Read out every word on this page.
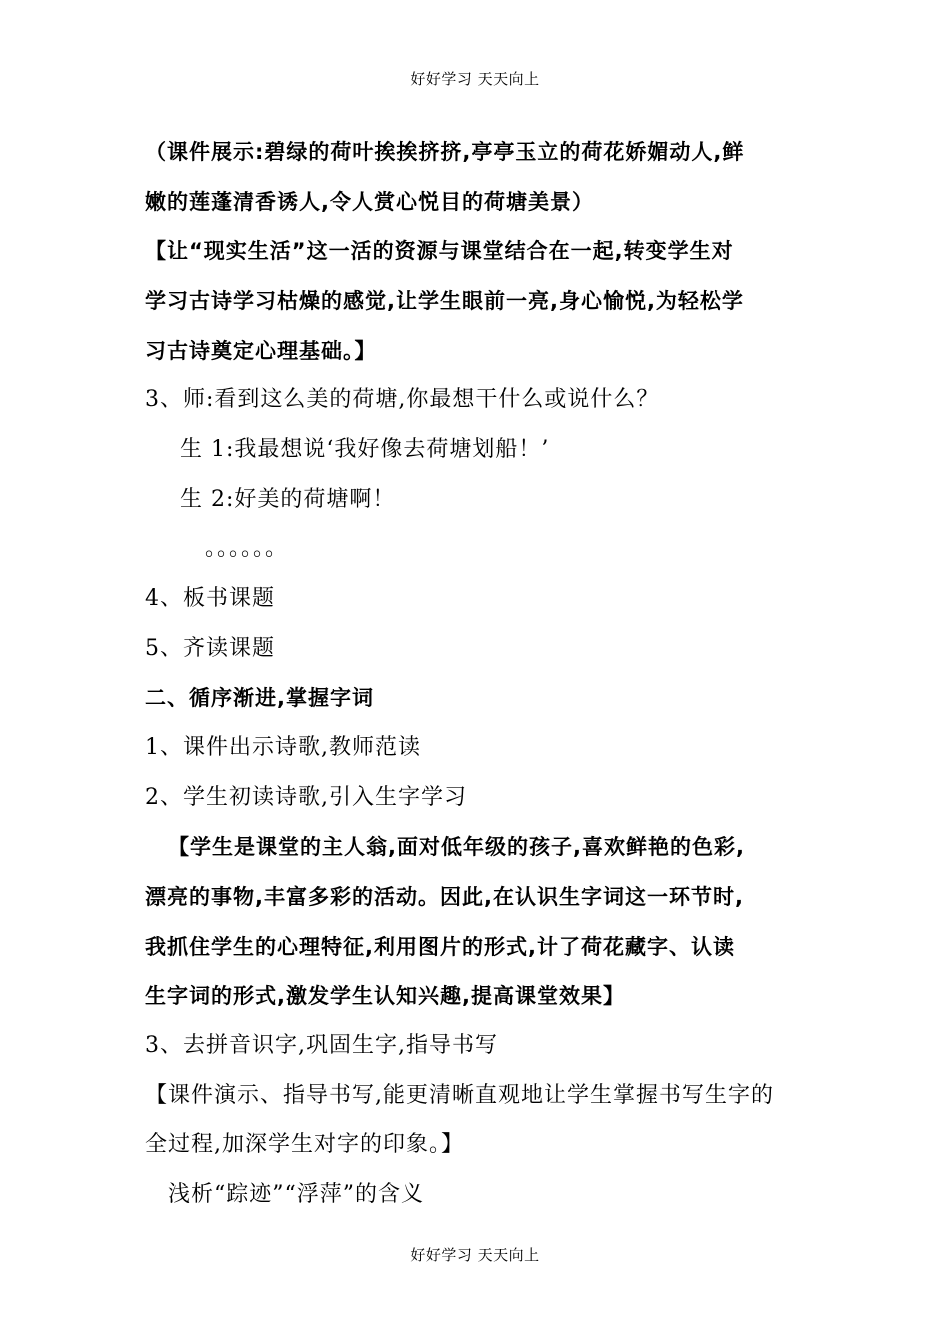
好好学习 天天向上
（课件展示:碧绿的荷叶挨挨挤挤,亭亭玉立的荷花娇媚动人,鲜
嫩的莲蓬清香诱人,令人赏心悦目的荷塘美景）
【让“现实生活”这一活的资源与课堂结合在一起,转变学生对
学习古诗学习枯燥的感觉,让学生眼前一亮,身心愉悦,为轻松学
习古诗奠定心理基础。】
3、师:看到这么美的荷塘,你最想干什么或说什么？
生 1:我最想说‘我好像去荷塘划船！’
生 2:好美的荷塘啊！
。。。。。。
4、板书课题
5、齐读课题
二、循序渐进,掌握字词
1、课件出示诗歌,教师范读
2、学生初读诗歌,引入生字学习
【学生是课堂的主人翁,面对低年级的孩子,喜欢鲜艳的色彩,
漂亮的事物,丰富多彩的活动。因此,在认识生字词这一环节时,
我抓住学生的心理特征,利用图片的形式,计了荷花藏字、认读
生字词的形式,激发学生认知兴趣,提高课堂效果】
3、去拼音识字,巩固生字,指导书写
【课件演示、指导书写,能更清晰直观地让学生掌握书写生字的
全过程,加深学生对字的印象。】
浅析“踪迹”“浮萍”的含义
好好学习 天天向上
